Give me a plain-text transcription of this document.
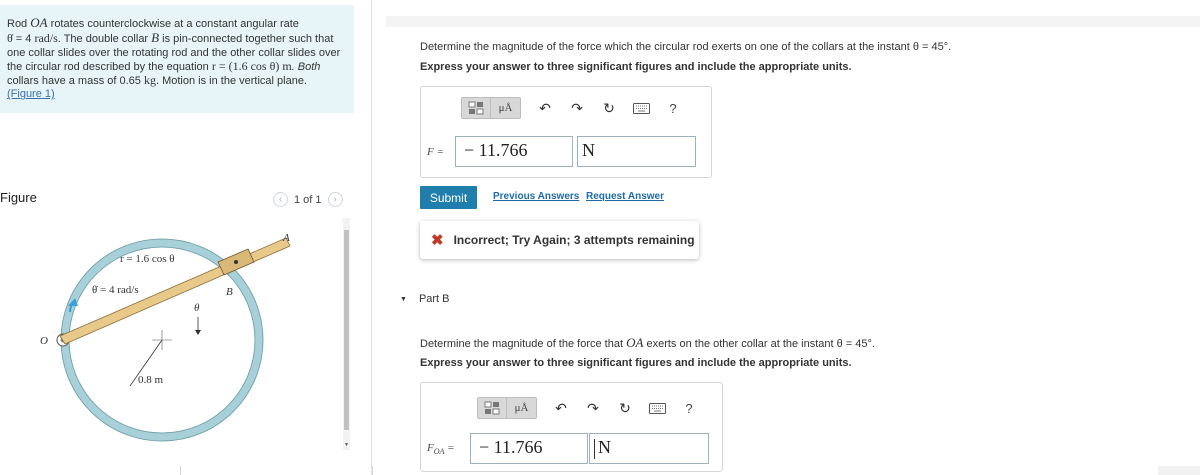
Rod OA rotates counterclockwise at a constant angular rate
θ̇ = 4 rad/s. The double collar B is pin-connected together such that
one collar slides over the rotating rod and the other collar slides over
the circular rod described by the equation r = (1.6 cos θ) m. Both
collars have a mass of 0.65 kg. Motion is in the vertical plane.
(Figure 1)
Figure	‹	1 of 1	›
r = 1.6 cos θ
θ̇ = 4 rad/s
A
B
O
θ
0.8 m
▼
Determine the magnitude of the force which the circular rod exerts on one of the collars at the instant θ = 45°.
Express your answer to three significant figures and include the appropriate units.
μÅ	↶ ↷ ↻	?
F =	− 11.766	N
Submit	Previous Answers Request Answer
✖ Incorrect; Try Again; 3 attempts remaining
▼ Part B
Determine the magnitude of the force that OA exerts on the other collar at the instant θ = 45°.
Express your answer to three significant figures and include the appropriate units.
μÅ	↶ ↷ ↻	?
$F_{OA}$ =	− 11.766	N
